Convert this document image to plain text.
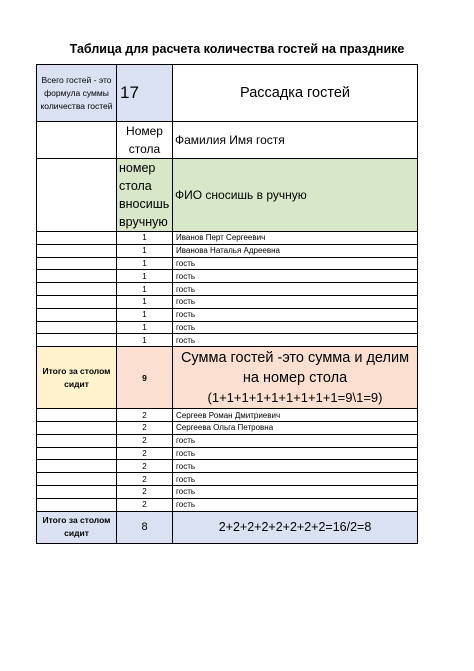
Таблица для расчета количества гостей на празднике
Всего гостей - это формула суммы количества гостей	17	Рассадка гостей
	Номер стола	Фамилия Имя гостя
	номер стола вносишь вручную	ФИО сносишь в ручную
	1	Иванов Перт Сергеевич
	1	Иванова Наталья Адреевна
	1	гость
	1	гость
	1	гость
	1	гость
	1	гость
	1	гость
	1	гость
Итого за столом сидит	9	Сумма гостей -это сумма и делим на номер стола
(1+1+1+1+1+1+1+1+1=9\1=9)

	2	Сергеев Роман Дмитриевич
	2	Сергеева Ольга Петровна
	2	гость
	2	гость
	2	гость
	2	гость
	2	гость
	2	гость
Итого за столом сидит	8	2+2+2+2+2+2+2+2=16/2=8
